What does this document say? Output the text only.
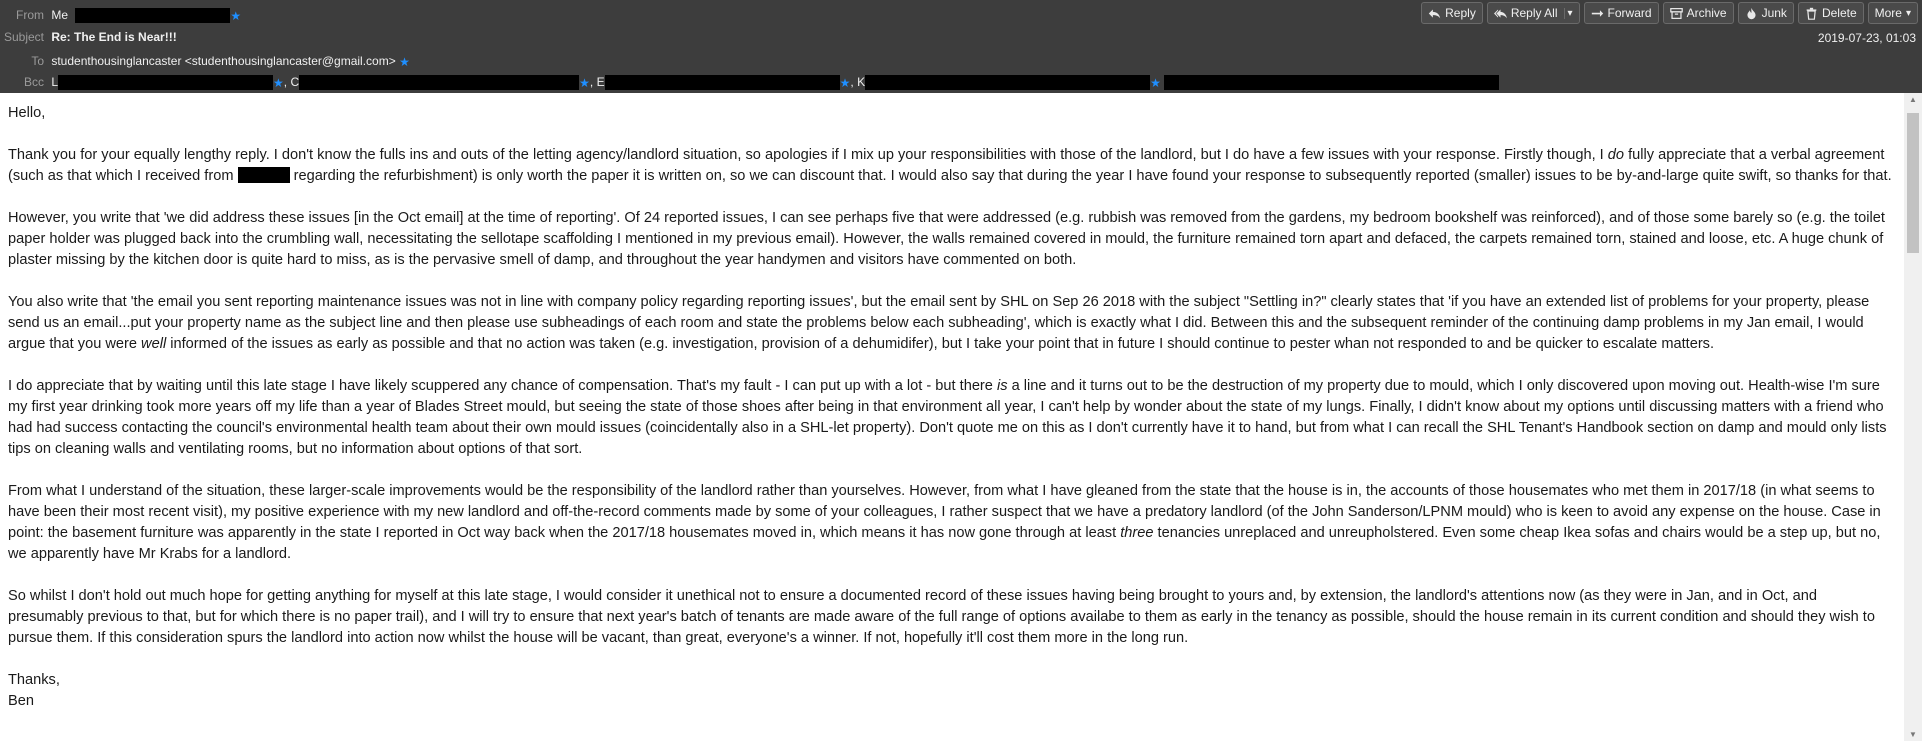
From Me	★
Subject Re: The End is Near!!!	2019-07-23, 01:03
To studenthousinglancaster <studenthousinglancaster@gmail.com> ★
Bcc L	★, C	★, E	★, K	★
Reply	Reply All	▾	Forward	Archive	Junk	Delete More ▾

Hello,

Thank you for your equally lengthy reply. I don't know the fulls ins and outs of the letting agency/landlord situation, so apologies if I mix up your responsibilities with those of the landlord, but I do have a few issues with your response. Firstly though, I do fully appreciate that a verbal agreement (such as that which I received from	regarding the refurbishment) is only worth the paper it is written on, so we can discount that. I would also say that during the year I have found your response to subsequently reported (smaller) issues to be by-and-large quite swift, so thanks for that.

However, you write that 'we did address these issues [in the Oct email] at the time of reporting'. Of 24 reported issues, I can see perhaps five that were addressed (e.g. rubbish was removed from the gardens, my bedroom bookshelf was reinforced), and of those some barely so (e.g. the toilet paper holder was plugged back into the crumbling wall, necessitating the sellotape scaffolding I mentioned in my previous email). However, the walls remained covered in mould, the furniture remained torn apart and defaced, the carpets remained torn, stained and loose, etc. A huge chunk of plaster missing by the kitchen door is quite hard to miss, as is the pervasive smell of damp, and throughout the year handymen and visitors have commented on both.

You also write that 'the email you sent reporting maintenance issues was not in line with company policy regarding reporting issues', but the email sent by SHL on Sep 26 2018 with the subject "Settling in?" clearly states that 'if you have an extended list of problems for your property, please send us an email...put your property name as the subject line and then please use subheadings of each room and state the problems below each subheading', which is exactly what I did. Between this and the subsequent reminder of the continuing damp problems in my Jan email, I would argue that you were well informed of the issues as early as possible and that no action was taken (e.g. investigation, provision of a dehumidifer), but I take your point that in future I should continue to pester whan not responded to and be quicker to escalate matters.

I do appreciate that by waiting until this late stage I have likely scuppered any chance of compensation. That's my fault - I can put up with a lot - but there is a line and it turns out to be the destruction of my property due to mould, which I only discovered upon moving out. Health-wise I'm sure my first year drinking took more years off my life than a year of Blades Street mould, but seeing the state of those shoes after being in that environment all year, I can't help by wonder about the state of my lungs. Finally, I didn't know about my options until discussing matters with a friend who had had success contacting the council's environmental health team about their own mould issues (coincidentally also in a SHL-let property). Don't quote me on this as I don't currently have it to hand, but from what I can recall the SHL Tenant's Handbook section on damp and mould only lists tips on cleaning walls and ventilating rooms, but no information about options of that sort.

From what I understand of the situation, these larger-scale improvements would be the responsibility of the landlord rather than yourselves. However, from what I have gleaned from the state that the house is in, the accounts of those housemates who met them in 2017/18 (in what seems to have been their most recent visit), my positive experience with my new landlord and off-the-record comments made by some of your colleagues, I rather suspect that we have a predatory landlord (of the John Sanderson/LPNM mould) who is keen to avoid any expense on the house. Case in point: the basement furniture was apparently in the state I reported in Oct way back when the 2017/18 housemates moved in, which means it has now gone through at least three tenancies unreplaced and unreupholstered. Even some cheap Ikea sofas and chairs would be a step up, but no, we apparently have Mr Krabs for a landlord.

So whilst I don't hold out much hope for getting anything for myself at this late stage, I would consider it unethical not to ensure a documented record of these issues having being brought to yours and, by extension, the landlord's attentions now (as they were in Jan, and in Oct, and presumably previous to that, but for which there is no paper trail), and I will try to ensure that next year's batch of tenants are made aware of the full range of options availabe to them as early in the tenancy as possible, should the house remain in its current condition and should they wish to pursue them. If this consideration spurs the landlord into action now whilst the house will be vacant, than great, everyone's a winner. If not, hopefully it'll cost them more in the long run.

Thanks,
Ben
▲
▼
